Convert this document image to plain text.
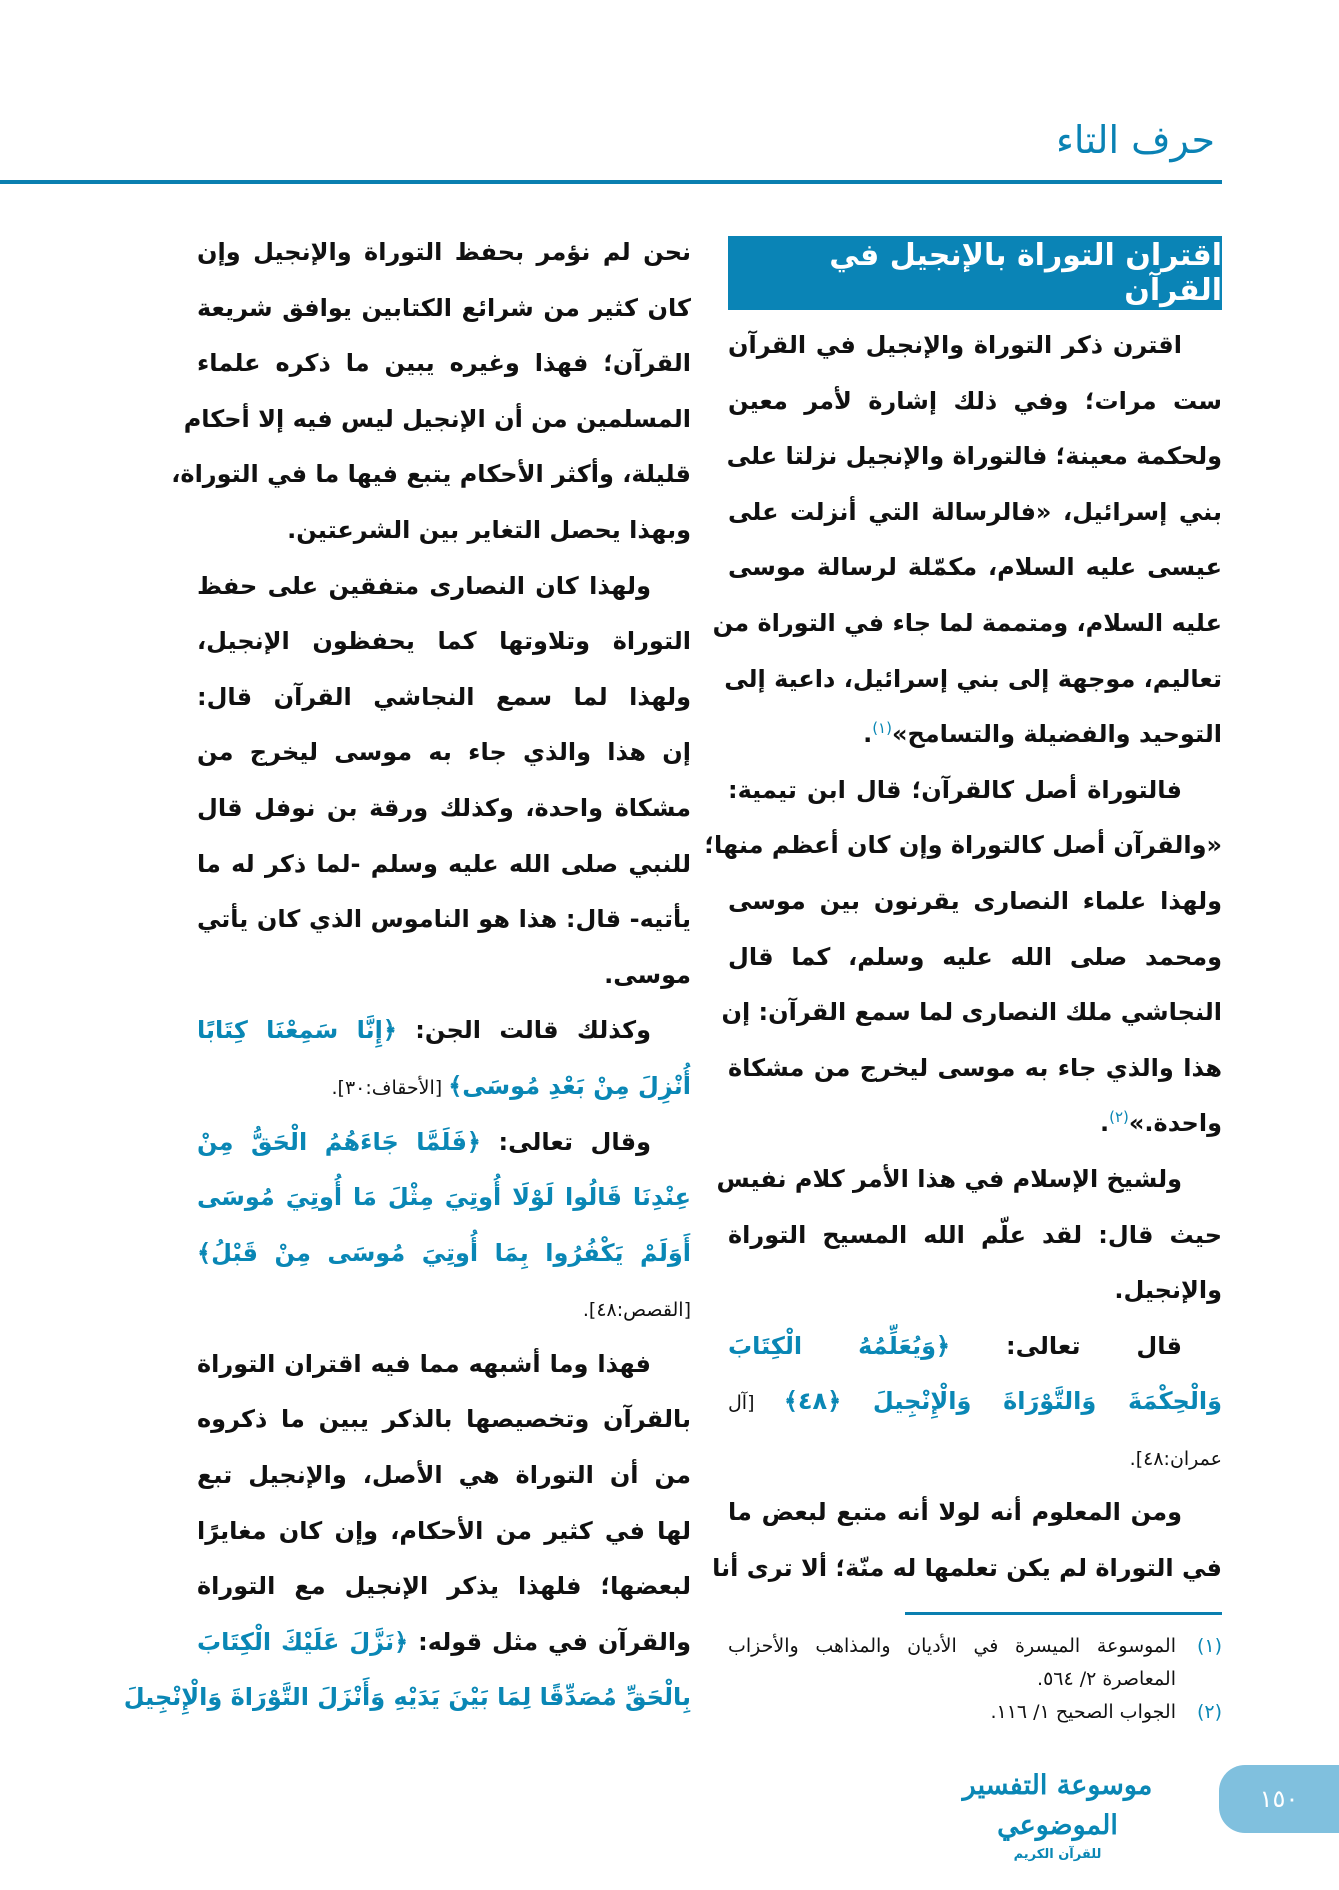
حرف التاء
اقتران التوراة بالإنجيل في القرآن
اقترن ذكر التوراة والإنجيل في القرآن
ست مرات؛ وفي ذلك إشارة لأمر معين
ولحكمة معينة؛ فالتوراة والإنجيل نزلتا على
بني إسرائيل، «فالرسالة التي أنزلت على
عيسى عليه السلام، مكمّلة لرسالة موسى
عليه السلام، ومتممة لما جاء في التوراة من
تعاليم، موجهة إلى بني إسرائيل، داعية إلى
التوحيد والفضيلة والتسامح»$^{(١)}$.
فالتوراة أصل كالقرآن؛ قال ابن تيمية:
«والقرآن أصل كالتوراة وإن كان أعظم منها؛
ولهذا علماء النصارى يقرنون بين موسى
ومحمد صلى الله عليه وسلم، كما قال
النجاشي ملك النصارى لما سمع القرآن: إن
هذا والذي جاء به موسى ليخرج من مشكاة
واحدة.»$^{(٢)}$.
ولشيخ الإسلام في هذا الأمر كلام نفيس
حيث قال: لقد علّم الله المسيح التوراة
والإنجيل.
قال تعالى: ﴿وَيُعَلِّمُهُ الْكِتَابَ
وَالْحِكْمَةَ وَالتَّوْرَاةَ وَالْإِنْجِيلَ ﴿٤٨﴾ [آل
عمران:٤٨].
ومن المعلوم أنه لولا أنه متبع لبعض ما
في التوراة لم يكن تعلمها له منّة؛ ألا ترى أنا
نحن لم نؤمر بحفظ التوراة والإنجيل وإن
كان كثير من شرائع الكتابين يوافق شريعة
القرآن؛ فهذا وغيره يبين ما ذكره علماء
المسلمين من أن الإنجيل ليس فيه إلا أحكام
قليلة، وأكثر الأحكام يتبع فيها ما في التوراة،
وبهذا يحصل التغاير بين الشرعتين.
ولهذا كان النصارى متفقين على حفظ
التوراة وتلاوتها كما يحفظون الإنجيل،
ولهذا لما سمع النجاشي القرآن قال:
إن هذا والذي جاء به موسى ليخرج من
مشكاة واحدة، وكذلك ورقة بن نوفل قال
للنبي صلى الله عليه وسلم -لما ذكر له ما
يأتيه- قال: هذا هو الناموس الذي كان يأتي
موسى.
وكذلك قالت الجن: ﴿إِنَّا سَمِعْنَا كِتَابًا
أُنْزِلَ مِنْ بَعْدِ مُوسَى﴾ [الأحقاف:٣٠].
وقال تعالى: ﴿فَلَمَّا جَاءَهُمُ الْحَقُّ مِنْ
عِنْدِنَا قَالُوا لَوْلَا أُوتِيَ مِثْلَ مَا أُوتِيَ مُوسَى
أَوَلَمْ يَكْفُرُوا بِمَا أُوتِيَ مُوسَى مِنْ قَبْلُ﴾
[القصص:٤٨].
فهذا وما أشبهه مما فيه اقتران التوراة
بالقرآن وتخصيصها بالذكر يبين ما ذكروه
من أن التوراة هي الأصل، والإنجيل تبع
لها في كثير من الأحكام، وإن كان مغايرًا
لبعضها؛ فلهذا يذكر الإنجيل مع التوراة
والقرآن في مثل قوله: ﴿نَزَّلَ عَلَيْكَ الْكِتَابَ
بِالْحَقِّ مُصَدِّقًا لِمَا بَيْنَ يَدَيْهِ وَأَنْزَلَ التَّوْرَاةَ وَالْإِنْجِيلَ
(١)
الموسوعة الميسرة في الأديان والمذاهب والأحزاب المعاصرة ٢/ ٥٦٤.
(٢)
الجواب الصحيح ١/ ١١٦.
موسوعة التفسير الموضوعي
للقرآن الكريم
١٥٠
